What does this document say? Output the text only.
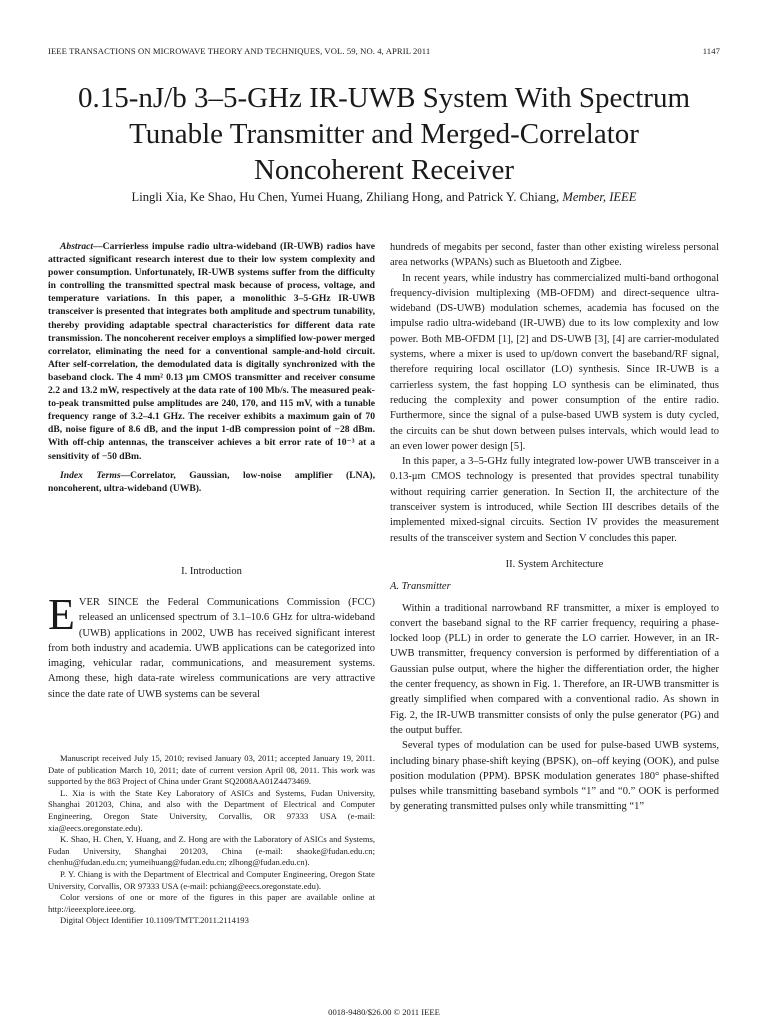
IEEE TRANSACTIONS ON MICROWAVE THEORY AND TECHNIQUES, VOL. 59, NO. 4, APRIL 2011	1147
0.15-nJ/b 3–5-GHz IR-UWB System With Spectrum
Tunable Transmitter and Merged-Correlator
Noncoherent Receiver
Lingli Xia, Ke Shao, Hu Chen, Yumei Huang, Zhiliang Hong, and Patrick Y. Chiang, Member, IEEE

Abstract—Carrierless impulse radio ultra-wideband (IR-UWB) radios have attracted significant research interest due to their low system complexity and power consumption. Unfortunately, IR-UWB systems suffer from the difficulty in controlling the transmitted spectral mask because of process, voltage, and temperature variations. In this paper, a monolithic 3–5-GHz IR-UWB transceiver is presented that integrates both amplitude and spectrum tunability, thereby providing adaptable spectral characteristics for different data rate transmission. The noncoherent receiver employs a simplified low-power merged correlator, eliminating the need for a conventional sample-and-hold circuit. After self-correlation, the demodulated data is digitally synchronized with the baseband clock. The 4 mm² 0.13 μm CMOS transmitter and receiver consume 2.2 and 13.2 mW, respectively at the data rate of 100 Mb/s. The measured peak-to-peak transmitted pulse amplitudes are 240, 170, and 115 mV, with a tunable frequency range of 3.2–4.1 GHz. The receiver exhibits a maximum gain of 70 dB, noise figure of 8.6 dB, and the input 1-dB compression point of −28 dBm. With off-chip antennas, the transceiver achieves a bit error rate of 10⁻³ at a sensitivity of −50 dBm.

Index Terms—Correlator, Gaussian, low-noise amplifier (LNA), noncoherent, ultra-wideband (UWB).

I. Introduction
EVER SINCE the Federal Communications Commission (FCC) released an unlicensed spectrum of 3.1–10.6 GHz for ultra-wideband (UWB) applications in 2002, UWB has received significant interest from both industry and academia. UWB applications can be categorized into imaging, vehicular radar, communications, and measurement systems. Among these, high data-rate wireless communications are very attractive since the date rate of UWB systems can be several

Manuscript received July 15, 2010; revised January 03, 2011; accepted January 19, 2011. Date of publication March 10, 2011; date of current version April 08, 2011. This work was supported by the 863 Project of China under Grant SQ2008AA01Z4473469.

L. Xia is with the State Key Laboratory of ASICs and Systems, Fudan University, Shanghai 201203, China, and also with the Department of Electrical and Computer Engineering, Oregon State University, Corvallis, OR 97333 USA (e-mail: xia@eecs.oregonstate.edu).

K. Shao, H. Chen, Y. Huang, and Z. Hong are with the Laboratory of ASICs and Systems, Fudan University, Shanghai 201203, China (e-mail: shaoke@fudan.edu.cn; chenhu@fudan.edu.cn; yumeihuang@fudan.edu.cn; zlhong@fudan.edu.cn).

P. Y. Chiang is with the Department of Electrical and Computer Engineering, Oregon State University, Corvallis, OR 97333 USA (e-mail: pchiang@eecs.oregonstate.edu).

Color versions of one or more of the figures in this paper are available online at http://ieeexplore.ieee.org.

Digital Object Identifier 10.1109/TMTT.2011.2114193

hundreds of megabits per second, faster than other existing wireless personal area networks (WPANs) such as Bluetooth and Zigbee.

In recent years, while industry has commercialized multi-band orthogonal frequency-division multiplexing (MB-OFDM) and direct-sequence ultra-wideband (DS-UWB) modulation schemes, academia has focused on the impulse radio ultra-wideband (IR-UWB) due to its low complexity and low power. Both MB-OFDM [1], [2] and DS-UWB [3], [4] are carrier-modulated systems, where a mixer is used to up/down convert the baseband/RF signal, therefore requiring local oscillator (LO) synthesis. Since IR-UWB is a carrierless system, the fast hopping LO synthesis can be eliminated, thus reducing the complexity and power consumption of the entire radio. Furthermore, since the signal of a pulse-based UWB system is duty cycled, the circuits can be shut down between pulses intervals, which would lead to an even lower power design [5].

In this paper, a 3–5-GHz fully integrated low-power UWB transceiver in a 0.13-μm CMOS technology is presented that provides spectral tunability without requiring carrier generation. In Section II, the architecture of the transceiver system is introduced, while Section III describes details of the implemented mixed-signal circuits. Section IV provides the measurement results of the transceiver system and Section V concludes this paper.

II. System Architecture
A. Transmitter

Within a traditional narrowband RF transmitter, a mixer is employed to convert the baseband signal to the RF carrier frequency, requiring a phase-locked loop (PLL) in order to generate the LO carrier. However, in an IR-UWB transmitter, frequency conversion is performed by differentiation of a Gaussian pulse output, where the higher the differentiation order, the higher the center frequency, as shown in Fig. 1. Therefore, an IR-UWB transmitter is greatly simplified when compared with a conventional radio. As shown in Fig. 2, the IR-UWB transmitter consists of only the pulse generator (PG) and the output buffer.

Several types of modulation can be used for pulse-based UWB systems, including binary phase-shift keying (BPSK), on–off keying (OOK), and pulse position modulation (PPM). BPSK modulation generates 180° phase-shifted pulses while transmitting baseband symbols “1” and “0.” OOK is performed by generating transmitted pulses only while transmitting “1”

0018-9480/$26.00 © 2011 IEEE
